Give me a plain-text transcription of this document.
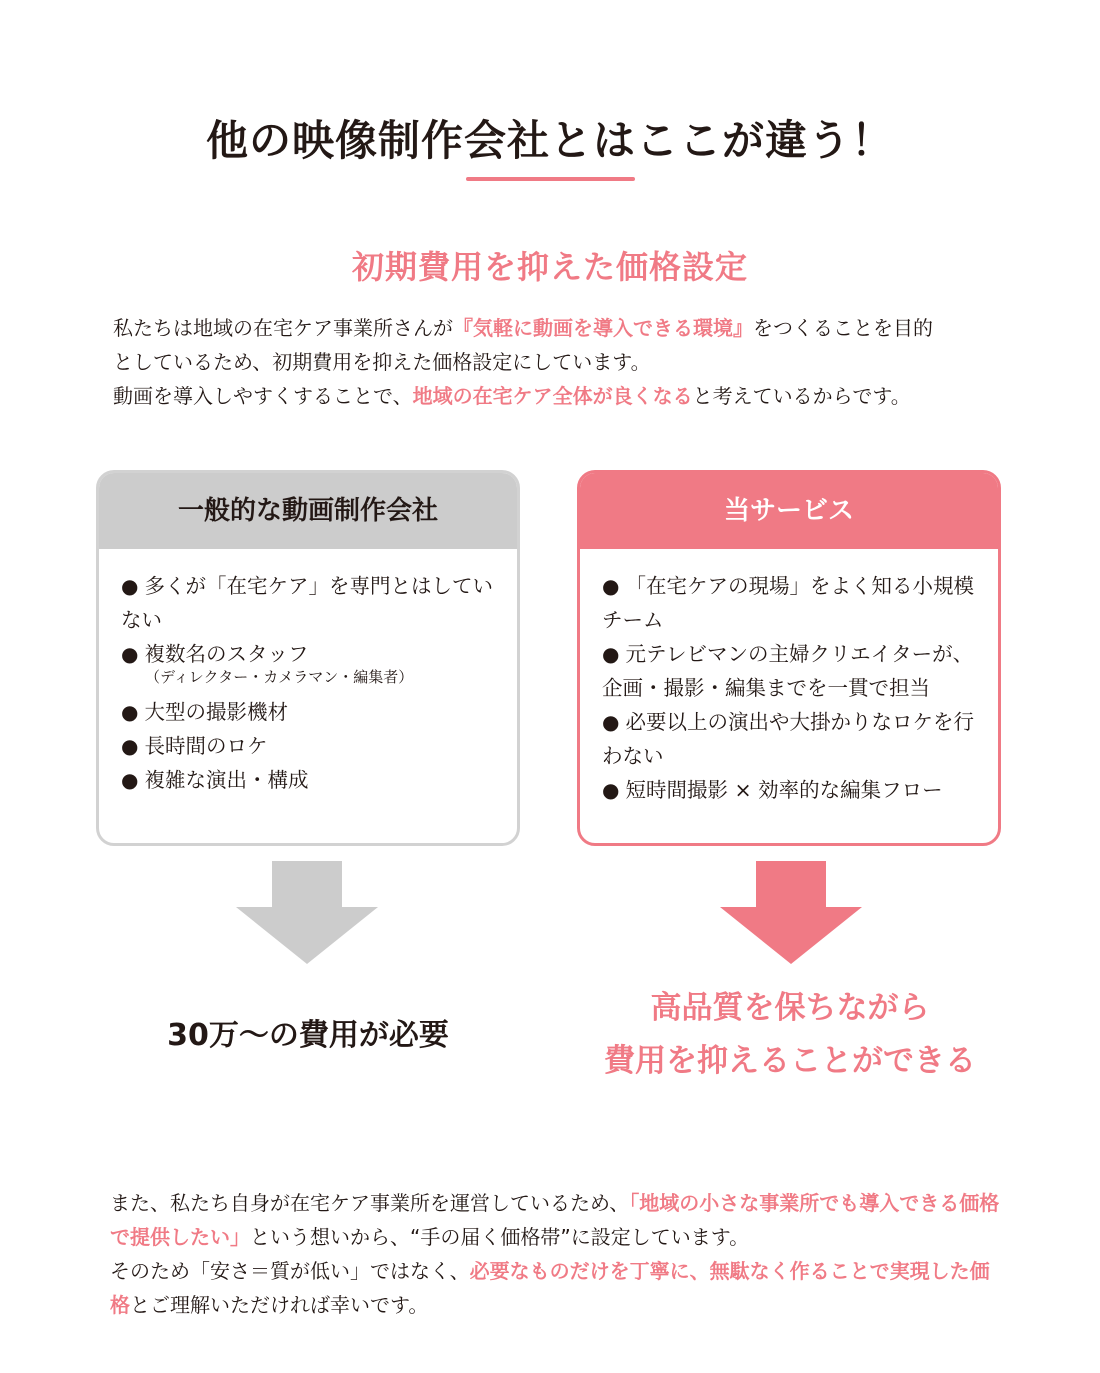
他の映像制作会社とはここが違う！
初期費用を抑えた価格設定

私たちは地域の在宅ケア事業所さんが『気軽に動画を導入できる環境』をつくることを目的

としているため、初期費用を抑えた価格設定にしています。

動画を導入しやすくすることで、地域の在宅ケア全体が良くなると考えているからです。

一般的な動画制作会社
● 多くが「在宅ケア」を専門とはしていない
● 複数名のスタッフ
（ディレクター・カメラマン・編集者）
● 大型の撮影機材
● 長時間のロケ
● 複雑な演出・構成
当サービス
● 「在宅ケアの現場」をよく知る小規模チーム
● 元テレビマンの主婦クリエイターが、企画・撮影・編集までを一貫で担当
● 必要以上の演出や大掛かりなロケを行わない
● 短時間撮影 × 効率的な編集フロー

30万～の費用が必要

高品質を保ちながら
費用を抑えることができる

また、私たち自身が在宅ケア事業所を運営しているため、「地域の小さな事業所でも導入できる価格で提供したい」という想いから、“手の届く価格帯”に設定しています。

そのため「安さ＝質が低い」ではなく、必要なものだけを丁寧に、無駄なく作ることで実現した価格とご理解いただければ幸いです。
